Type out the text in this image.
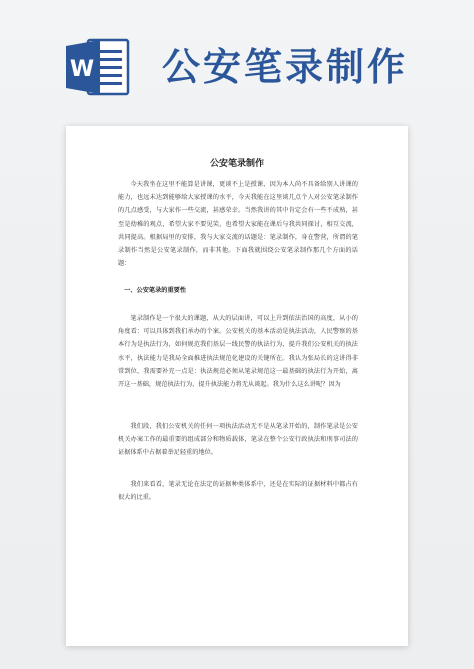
W 公安笔录制作
公安笔录制作

今天我坐在这里不能算是讲课，更谈不上是授课，因为本人尚不具备给别人讲课的能力，也远未达到能够给大家授课的水平，今天我能在这里谈几点个人对公安笔录制作的几点感受，与大家作一些交流，甚感荣幸。当然我讲的其中肯定会有一些不成熟，甚至是幼稚的观点，希望大家不要见笑，也希望大家能在课后与我共同探讨，相互交流，共同提高。根据局里的安排，我与大家交流的话题是：笔录制作，身在警营，所谓的笔录制作当然是公安笔录制作，而非其他。下面我就围绕公安笔录制作那几个方面的话题：

一、公安笔录的重要性

笔录制作是一个很大的课题，从大的层面讲，可以上升到依法治国的高度，从小的角度看：可以具体到我们承办的个案。公安机关的基本活动是执法活动，人民警察的基本行为是执法行为，如何规范我们基层一线民警的执法行为，提升我们公安机关的执法水平，执法能力是我局全面推进执法规范化建设的关键所在。我认为张局长的这讲得非常到位，我需要补充一点是：执法规范必须从笔录规范这一最基础的执法行为开始，离开这一基础，规范执法行为，提升执法能力将无从谈起。我为什么这么讲呢？因为

我们段，我们公安机关的任何一项执法活动无不是从笔录开始的，制作笔录是公安机关办案工作的最重要的组成部分和物质载体，笔录在整个公安行政执法和刑事司法的证据体系中占据着举足轻重的地位。

我们来看看，笔录无论在法定的证据种类体系中，还是在实际的证据材料中都占有很大的比重。
